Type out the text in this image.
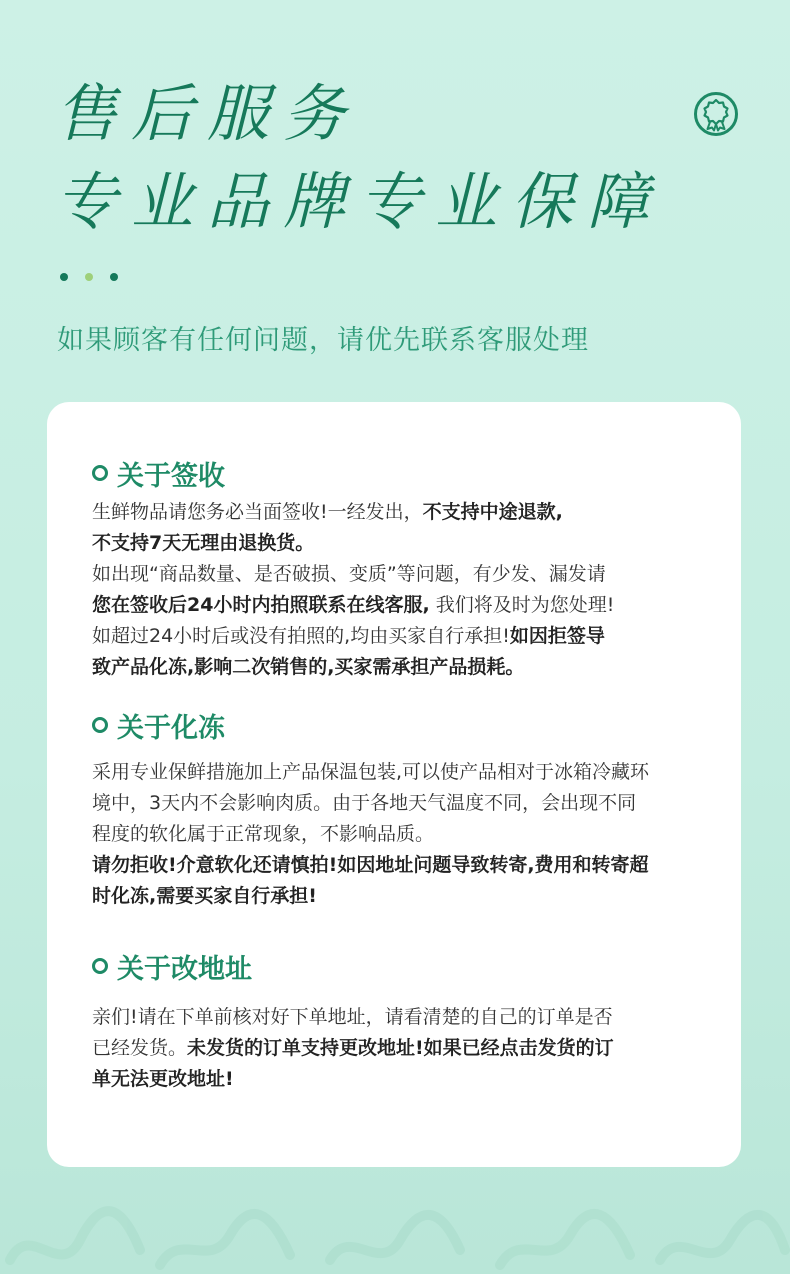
售后服务
专业品牌专业保障
如果顾客有任何问题，请优先联系客服处理
关于签收
生鲜物品请您务必当面签收!一经发出，不支持中途退款,
不支持7天无理由退换货。
如出现“商品数量、是否破损、变质”等问题，有少发、漏发请
您在签收后24小时内拍照联系在线客服, 我们将及时为您处理!
如超过24小时后或没有拍照的,均由买家自行承担!如因拒签导
致产品化冻,影响二次销售的,买家需承担产品损耗。
关于化冻
采用专业保鲜措施加上产品保温包装,可以使产品相对于冰箱冷藏环
境中，3天内不会影响肉质。由于各地天气温度不同，会出现不同
程度的软化属于正常现象，不影响品质。
请勿拒收!介意软化还请慎拍!如因地址问题导致转寄,费用和转寄超
时化冻,需要买家自行承担!
关于改地址
亲们!请在下单前核对好下单地址，请看清楚的自己的订单是否
已经发货。未发货的订单支持更改地址!如果已经点击发货的订
单无法更改地址!
